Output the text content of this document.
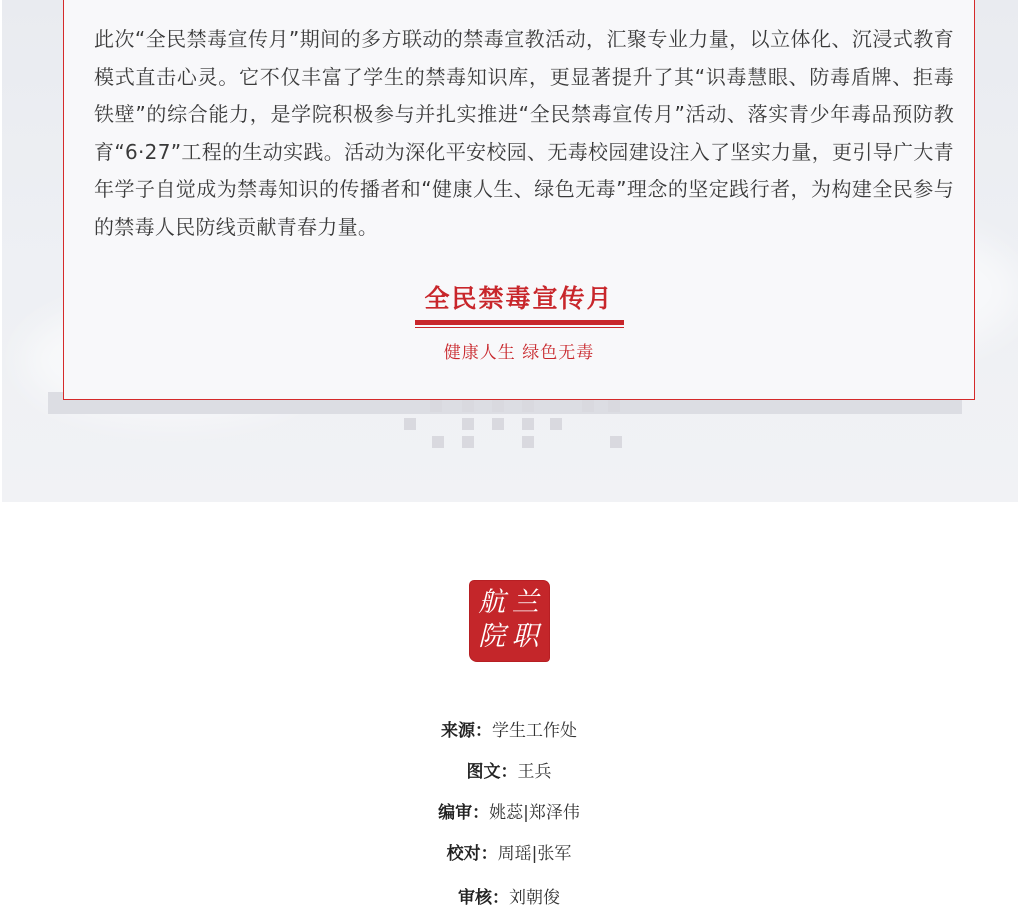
此次“全民禁毒宣传月”期间的多方联动的禁毒宣教活动，汇聚专业力量，以立体化、沉浸式教育模式直击心灵。它不仅丰富了学生的禁毒知识库，更显著提升了其“识毒慧眼、防毒盾牌、拒毒铁壁”的综合能力，是学院积极参与并扎实推进“全民禁毒宣传月”活动、落实青少年毒品预防教育“6·27”工程的生动实践。活动为深化平安校园、无毒校园建设注入了坚实力量，更引导广大青年学子自觉成为禁毒知识的传播者和“健康人生、绿色无毒”理念的坚定践行者，为构建全民参与的禁毒人民防线贡献青春力量。

全民禁毒宣传月
健康人生 绿色无毒
兰
航
职
院
来源：学生工作处
图文：王兵
编审：姚蕊|郑泽伟
校对：周瑶|张军
审核：刘朝俊
